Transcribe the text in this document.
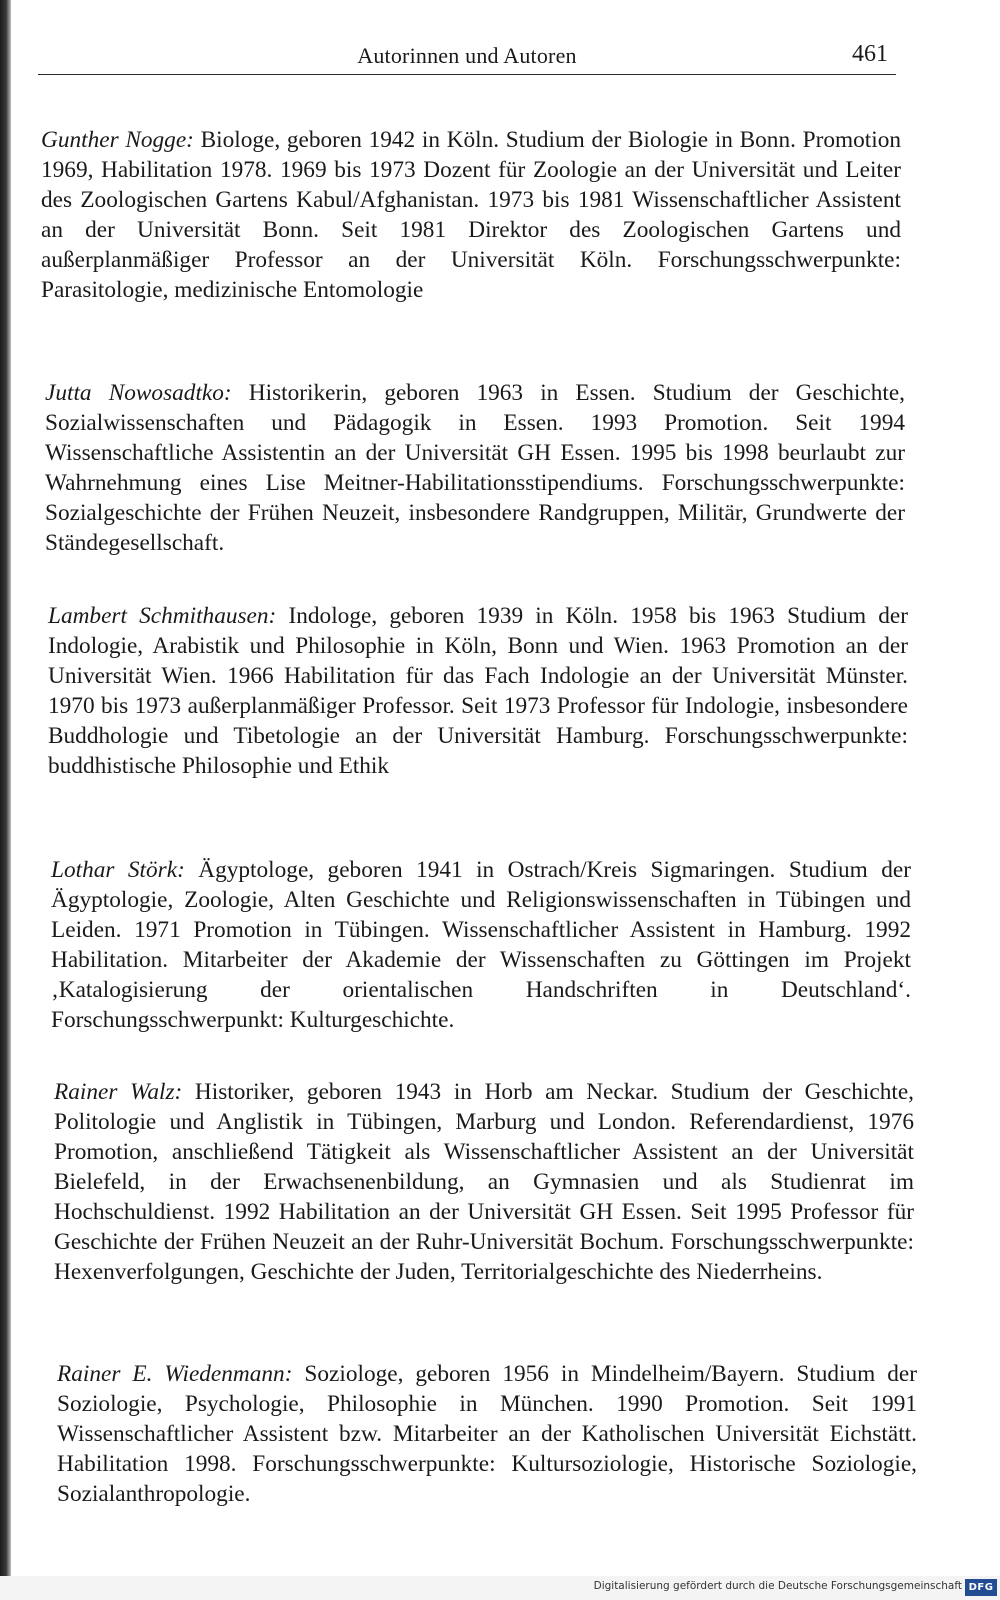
Autorinnen und Autoren	461

Gunther Nogge: Biologe, geboren 1942 in Köln. Studium der Biologie in Bonn. Promotion 1969, Habilitation 1978. 1969 bis 1973 Dozent für Zoologie an der Universität und Leiter des Zoologischen Gartens Kabul/Afghanistan. 1973 bis 1981 Wissenschaftlicher Assistent an der Universität Bonn. Seit 1981 Direktor des Zoologischen Gartens und außerplanmäßiger Professor an der Universität Köln. Forschungsschwerpunkte: Parasitologie, medizinische Entomologie

Jutta Nowosadtko: Historikerin, geboren 1963 in Essen. Studium der Geschichte, Sozialwissenschaften und Pädagogik in Essen. 1993 Promotion. Seit 1994 Wissenschaftliche Assistentin an der Universität GH Essen. 1995 bis 1998 beurlaubt zur Wahrnehmung eines Lise Meitner-Habilitationsstipendiums. Forschungsschwerpunkte: Sozialgeschichte der Frühen Neuzeit, insbesondere Randgruppen, Militär, Grundwerte der Ständegesellschaft.

Lambert Schmithausen: Indologe, geboren 1939 in Köln. 1958 bis 1963 Studium der Indologie, Arabistik und Philosophie in Köln, Bonn und Wien. 1963 Promotion an der Universität Wien. 1966 Habilitation für das Fach Indologie an der Universität Münster. 1970 bis 1973 außerplanmäßiger Professor. Seit 1973 Professor für Indologie, insbesondere Buddhologie und Tibetologie an der Universität Hamburg. Forschungsschwerpunkte: buddhistische Philosophie und Ethik

Lothar Störk: Ägyptologe, geboren 1941 in Ostrach/Kreis Sigmaringen. Studium der Ägyptologie, Zoologie, Alten Geschichte und Religionswissenschaften in Tübingen und Leiden. 1971 Promotion in Tübingen. Wissenschaftlicher Assistent in Hamburg. 1992 Habilitation. Mitarbeiter der Akademie der Wissenschaften zu Göttingen im Projekt ‚Katalogisierung der orientalischen Handschriften in Deutschland‘. Forschungsschwerpunkt: Kulturgeschichte.

Rainer Walz: Historiker, geboren 1943 in Horb am Neckar. Studium der Geschichte, Politologie und Anglistik in Tübingen, Marburg und London. Referendardienst, 1976 Promotion, anschließend Tätigkeit als Wissenschaftlicher Assistent an der Universität Bielefeld, in der Erwachsenenbildung, an Gymnasien und als Studienrat im Hochschuldienst. 1992 Habilitation an der Universität GH Essen. Seit 1995 Professor für Geschichte der Frühen Neuzeit an der Ruhr-Universität Bochum. Forschungsschwerpunkte: Hexenverfolgungen, Geschichte der Juden, Territorialgeschichte des Niederrheins.

Rainer E. Wiedenmann: Soziologe, geboren 1956 in Mindelheim/Bayern. Studium der Soziologie, Psychologie, Philosophie in München. 1990 Promotion. Seit 1991 Wissenschaftlicher Assistent bzw. Mitarbeiter an der Katholischen Universität Eichstätt. Habilitation 1998. Forschungsschwerpunkte: Kultursoziologie, Historische Soziologie, Sozialanthropologie.

Digitalisierung gefördert durch die Deutsche Forschungsgemeinschaft DFG
